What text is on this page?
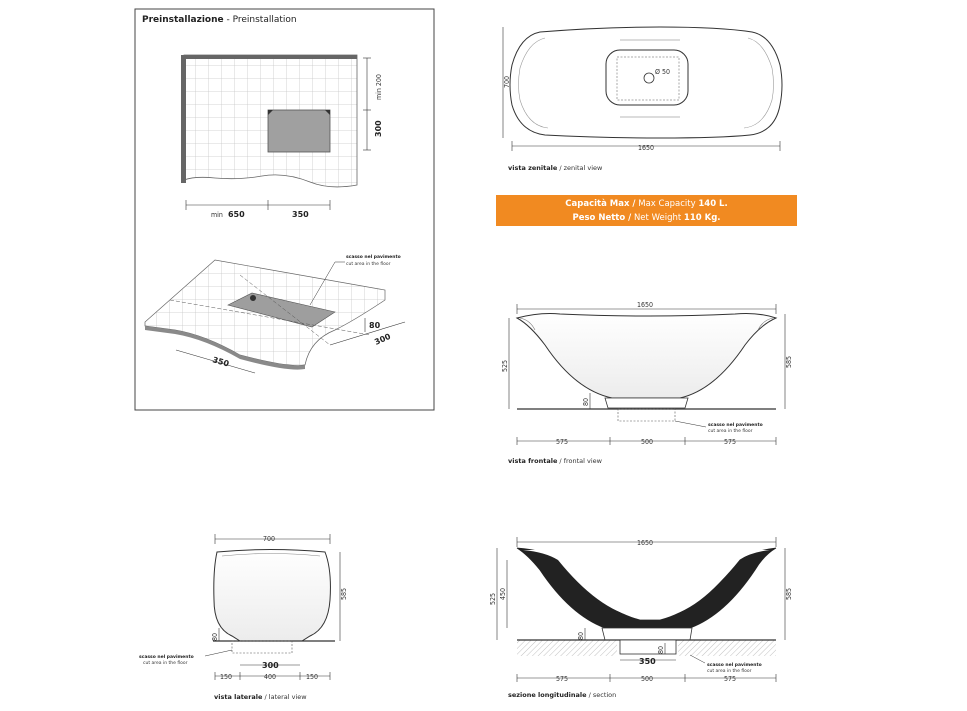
Preinstallazione - Preinstallation
min 200
300
min 650	350
350
300
80
scasso nel pavimento
cut area in the floor
Ø 50
1650
700
vista zenitale / zenital view
1650
525	585
80
scasso nel pavimento
cut area in the floor
575	500	575
vista frontale / frontal view
700
585
80
scasso nel pavimento
cut area in the floor	300
150	400	150
vista laterale / lateral view
1650
525 450	585
80
80
350	scasso nel pavimento
cut area in the floor
575	500	575
sezione longitudinale / section
Capacità Max / Max Capacity 140 L.
Peso Netto / Net Weight 110 Kg.
